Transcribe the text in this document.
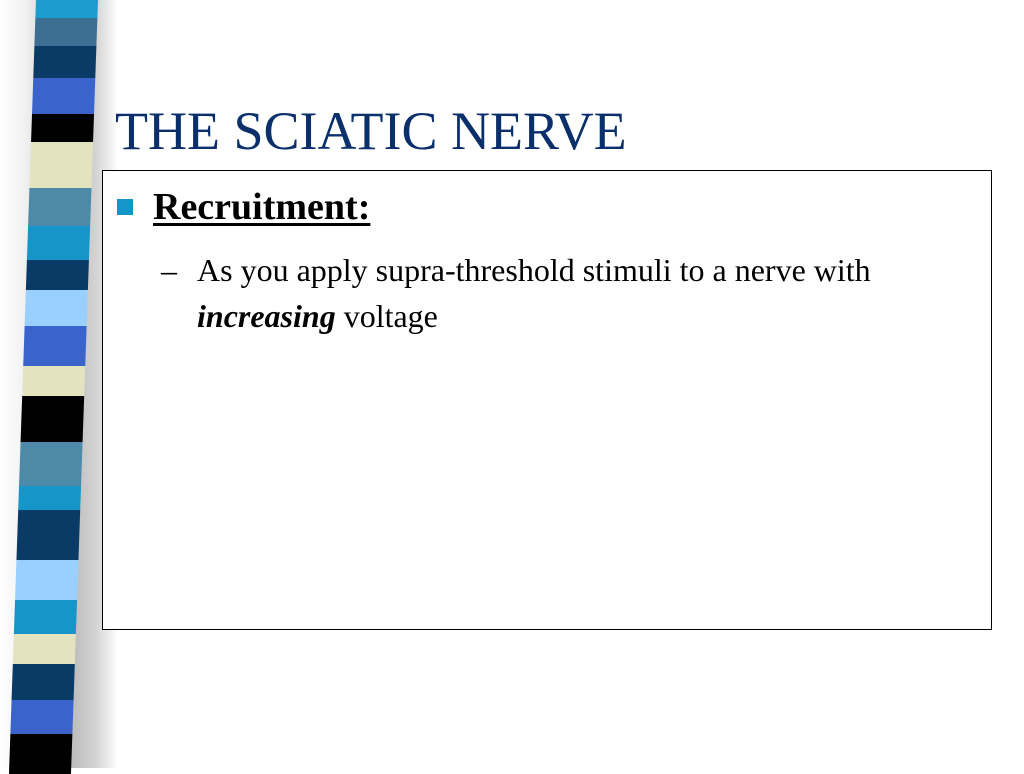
THE SCIATIC NERVE
Recruitment:
– As you apply supra-threshold stimuli to a nerve with increasing voltage
